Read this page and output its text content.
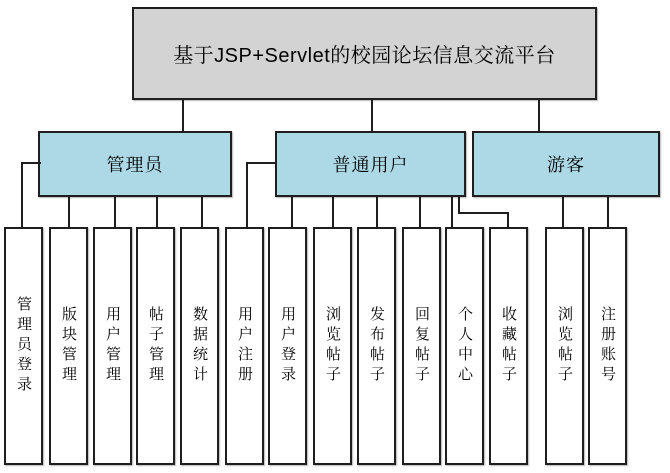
基于JSP+Servlet的校园论坛信息交流平台
管理员	普通用户	游客
管理员登录 版块管理 用户管理 帖子管理 数据统计 用户注册 用户登录 浏览帖子 发布帖子 回复帖子 个人中心 收藏帖子	浏览帖子 注册账号
